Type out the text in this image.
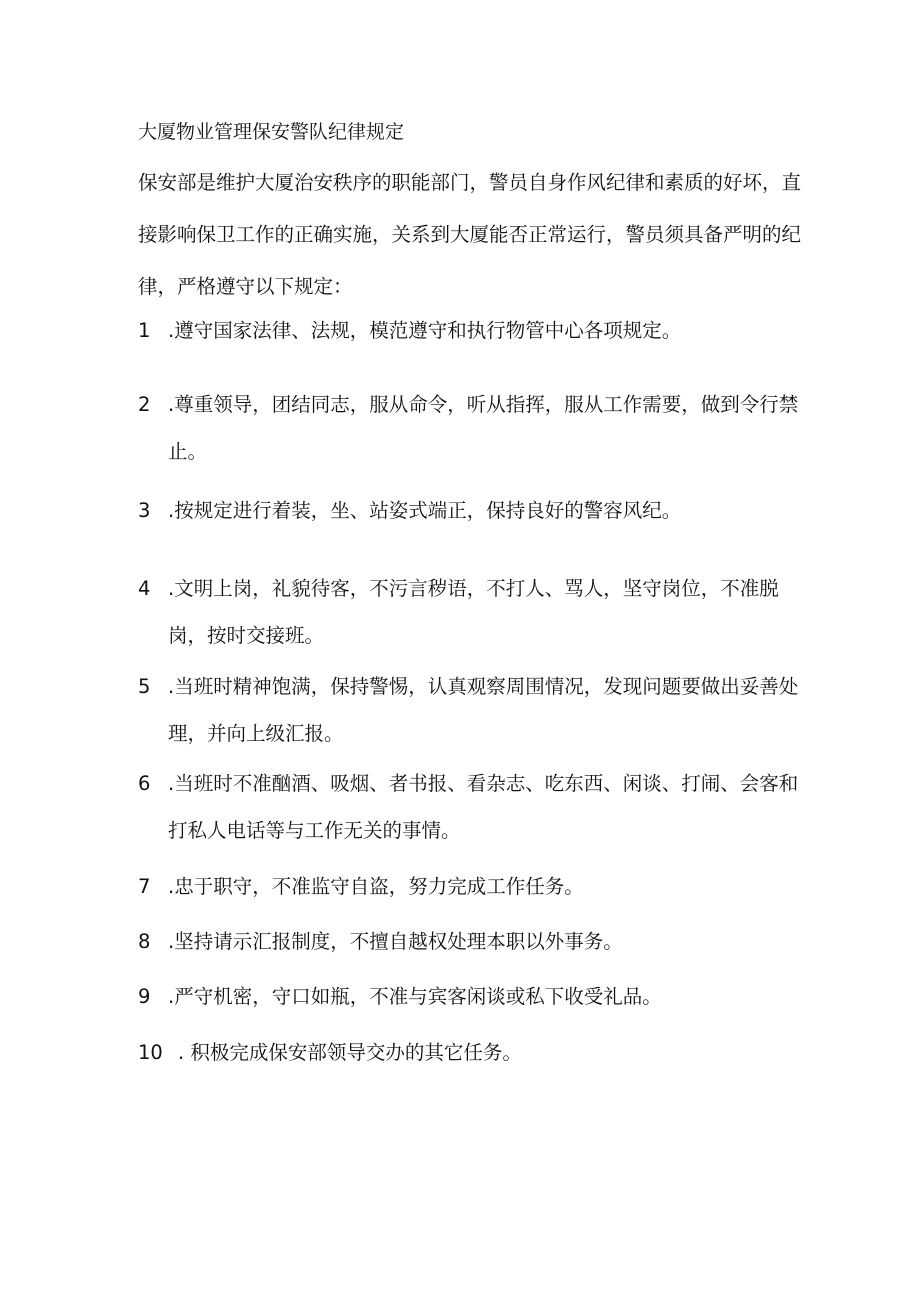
大厦物业管理保安警队纪律规定
保安部是维护大厦治安秩序的职能部门，警员自身作风纪律和素质的好坏，直接影响保卫工作的正确实施，关系到大厦能否正常运行，警员须具备严明的纪律，严格遵守以下规定：
1 .遵守国家法律、法规，模范遵守和执行物管中心各项规定。
2 .尊重领导，团结同志，服从命令，听从指挥，服从工作需要，做到令行禁止。
3 .按规定进行着装，坐、站姿式端正，保持良好的警容风纪。
4 .文明上岗，礼貌待客，不污言秽语，不打人、骂人，坚守岗位，不准脱岗，按时交接班。
5 .当班时精神饱满，保持警惕，认真观察周围情况，发现问题要做出妥善处理，并向上级汇报。
6 .当班时不准酗酒、吸烟、者书报、看杂志、吃东西、闲谈、打闹、会客和打私人电话等与工作无关的事情。
7 .忠于职守，不准监守自盗，努力完成工作任务。
8 .坚持请示汇报制度，不擅自越权处理本职以外事务。
9 .严守机密，守口如瓶，不准与宾客闲谈或私下收受礼品。
10 . 积极完成保安部领导交办的其它任务。
